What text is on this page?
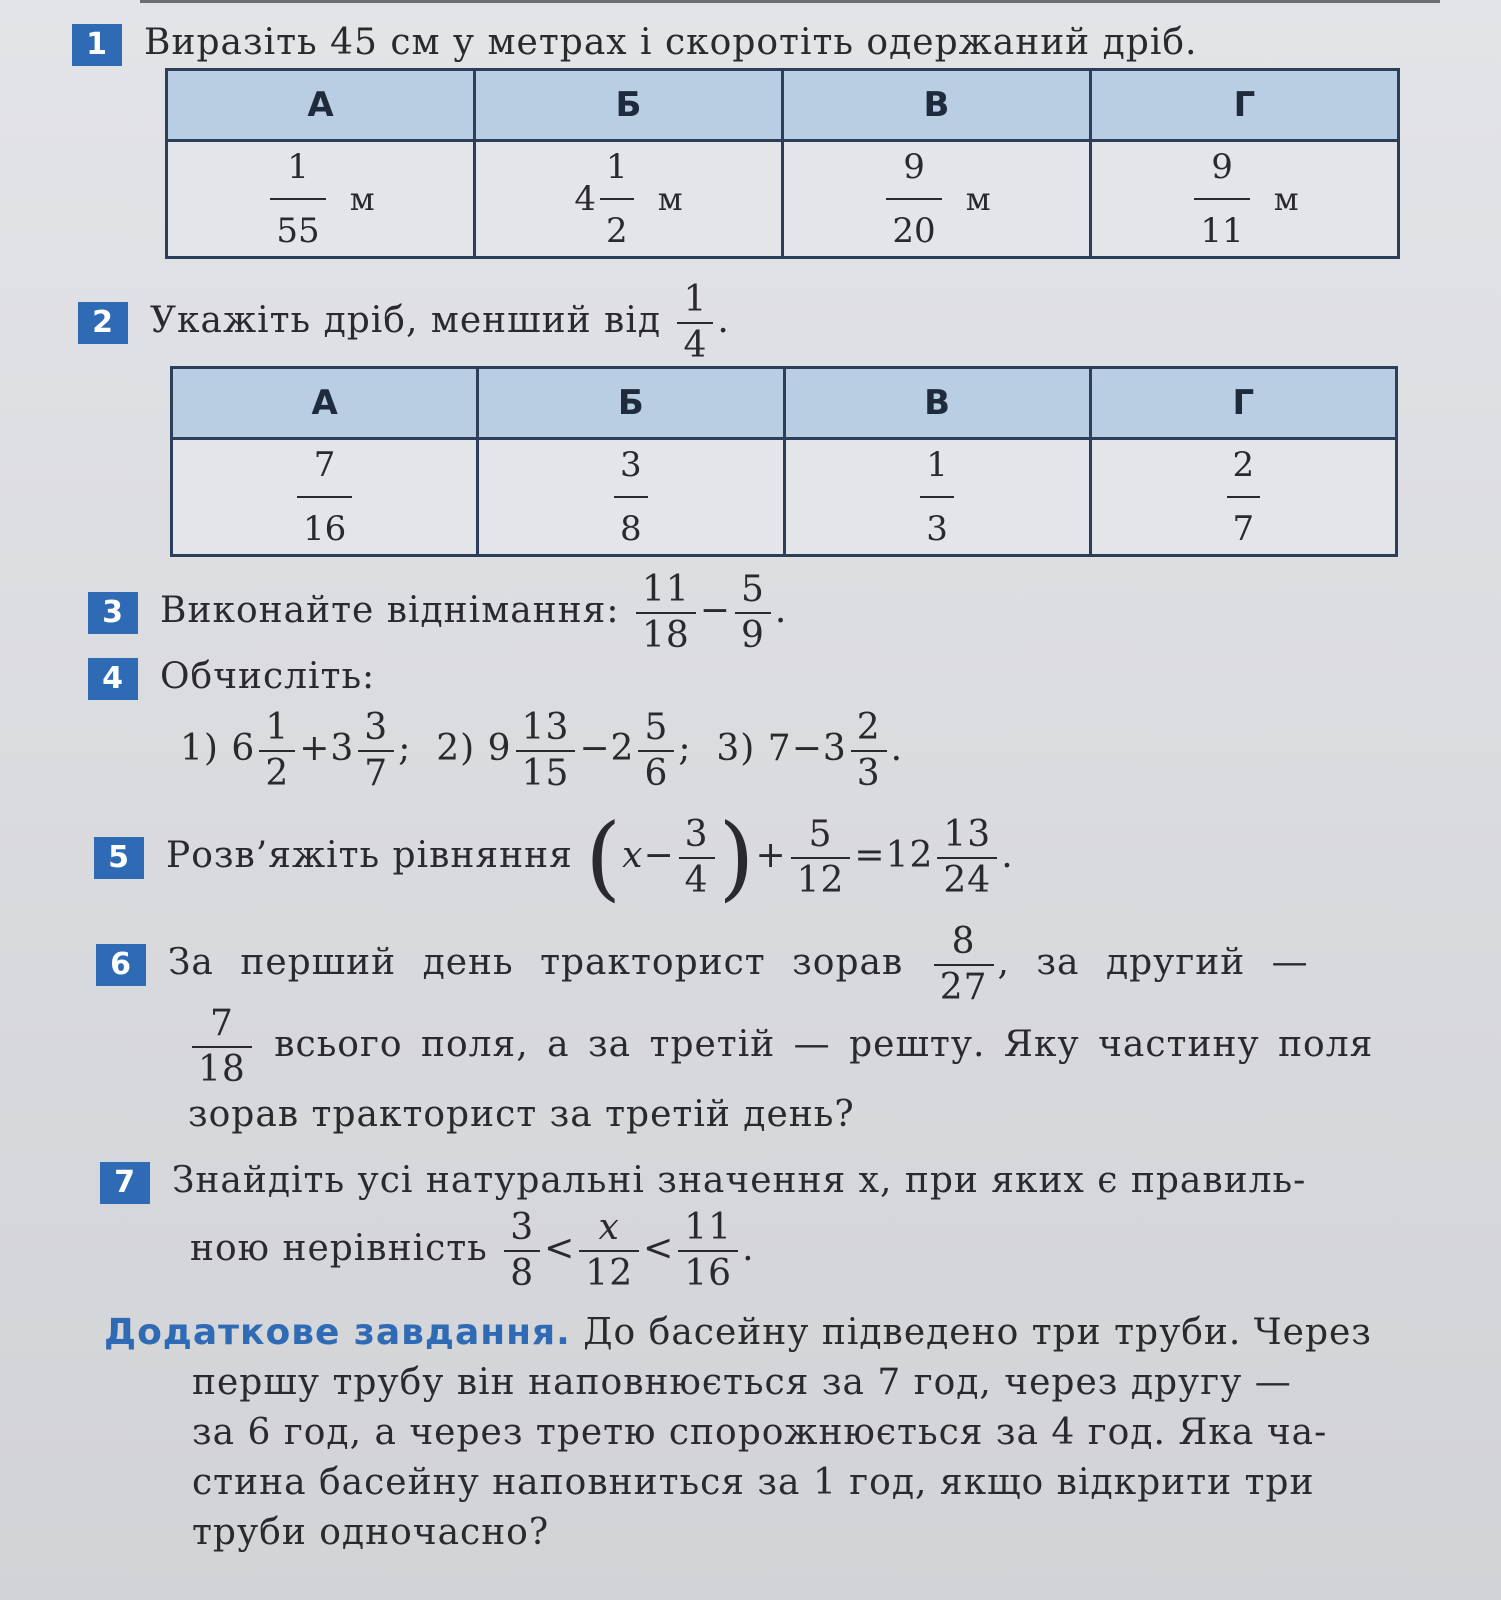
1 Виразіть 45 см у метрах і скоротіть одержаний дріб.
А	Б	В	Г

$\frac{1}{55}$ м	$4 \frac{1}{2}$ м	$\frac{9}{20}$ м	$\frac{9}{11}$ м
2 Укажіть дріб, менший від $\frac{1}{4}$ .
А	Б	В	Г

$\frac{7}{16}$	$\frac{3}{8}$	$\frac{1}{3}$	$\frac{2}{7}$
3 Виконайте віднімання: $\frac{11}{18} - \frac{5}{9}$ .
4 Обчисліть:
1) $6 \frac{1}{2} +3 \frac{3}{7}$ ; 2) $9 \frac{13}{15} -2 \frac{5}{6}$ ; 3) $7-3 \frac{2}{3}$ .
5 Розв’яжіть рівняння ($x- \frac{3}{4}$ )+ $\frac{5}{12} =12 \frac{13}{24}$ .
6 За перший день тракторист зорав $\frac{8}{27}$ , за другий —
$\frac{7}{18}$ всього поля, а за третій — решту. Яку частину поля
зорав тракторист за третій день?
7 Знайдіть усі натуральні значення x, при яких є правиль-
ною нерівність $\frac{3}{8} < \frac{x}{12} < \frac{11}{16}$ .
Додаткове завдання. До басейну підведено три труби. Через
першу трубу він наповнюється за 7 год, через другу —
за 6 год, а через третю спорожнюється за 4 год. Яка ча-
стина басейну наповниться за 1 год, якщо відкрити три
труби одночасно?
